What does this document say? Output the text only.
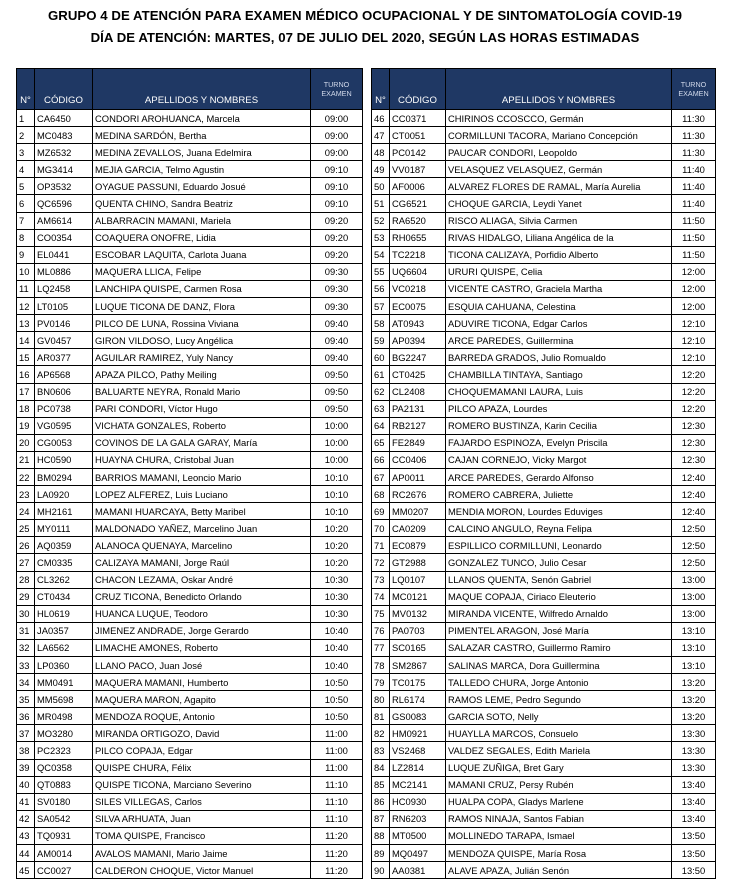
GRUPO 4 DE ATENCIÓN PARA EXAMEN MÉDICO OCUPACIONAL Y DE SINTOMATOLOGÍA COVID-19
DÍA DE ATENCIÓN: MARTES, 07 DE JULIO DEL 2020, SEGÚN LAS HORAS ESTIMADAS
N°	CÓDIGO	APELLIDOS Y NOMBRES	TURNO
EXAMEN
1	CA6450	CONDORI AROHUANCA, Marcela	09:00
2	MC0483	MEDINA SARDÓN, Bertha	09:00
3	MZ6532	MEDINA ZEVALLOS, Juana Edelmira	09:00
4	MG3414	MEJIA GARCIA, Telmo Agustin	09:10
5	OP3532	OYAGUE PASSUNI, Eduardo Josué	09:10
6	QC6596	QUENTA CHINO, Sandra Beatriz	09:10
7	AM6614	ALBARRACIN MAMANI, Mariela	09:20
8	CO0354	COAQUERA ONOFRE, Lidia	09:20
9	EL0441	ESCOBAR LAQUITA, Carlota Juana	09:20
10	ML0886	MAQUERA LLICA, Felipe	09:30
11	LQ2458	LANCHIPA QUISPE, Carmen Rosa	09:30
12	LT0105	LUQUE TICONA DE DANZ, Flora	09:30
13	PV0146	PILCO DE LUNA, Rossina Viviana	09:40
14	GV0457	GIRON VILDOSO, Lucy Angélica	09:40
15	AR0377	AGUILAR RAMIREZ, Yuly Nancy	09:40
16	AP6568	APAZA PILCO, Pathy Meiling	09:50
17	BN0606	BALUARTE NEYRA, Ronald Mario	09:50
18	PC0738	PARI CONDORI, Víctor Hugo	09:50
19	VG0595	VICHATA GONZALES, Roberto	10:00
20	CG0053	COVINOS DE LA GALA GARAY, María	10:00
21	HC0590	HUAYNA CHURA, Cristobal Juan	10:00
22	BM0294	BARRIOS MAMANI, Leoncio Mario	10:10
23	LA0920	LOPEZ ALFEREZ, Luis Luciano	10:10
24	MH2161	MAMANI HUARCAYA, Betty Maribel	10:10
25	MY0111	MALDONADO YAÑEZ, Marcelino Juan	10:20
26	AQ0359	ALANOCA QUENAYA, Marcelino	10:20
27	CM0335	CALIZAYA MAMANI, Jorge Raúl	10:20
28	CL3262	CHACON LEZAMA, Oskar André	10:30
29	CT0434	CRUZ TICONA, Benedicto Orlando	10:30
30	HL0619	HUANCA LUQUE, Teodoro	10:30
31	JA0357	JIMENEZ ANDRADE, Jorge Gerardo	10:40
32	LA6562	LIMACHE AMONES, Roberto	10:40
33	LP0360	LLANO PACO, Juan José	10:40
34	MM0491	MAQUERA MAMANI, Humberto	10:50
35	MM5698	MAQUERA MARON, Agapito	10:50
36	MR0498	MENDOZA ROQUE, Antonio	10:50
37	MO3280	MIRANDA ORTIGOZO, David	11:00
38	PC2323	PILCO COPAJA, Edgar	11:00
39	QC0358	QUISPE CHURA, Félix	11:00
40	QT0883	QUISPE TICONA, Marciano Severino	11:10
41	SV0180	SILES VILLEGAS, Carlos	11:10
42	SA0542	SILVA ARHUATA, Juan	11:10
43	TQ0931	TOMA QUISPE, Francisco	11:20
44	AM0014	AVALOS MAMANI, Mario Jaime	11:20
45	CC0027	CALDERON CHOQUE, Victor Manuel	11:20
N°	CÓDIGO	APELLIDOS Y NOMBRES	TURNO
EXAMEN
46	CC0371	CHIRINOS CCOSCCO, Germán	11:30
47	CT0051	CORMILLUNI TACORA, Mariano Concepción	11:30
48	PC0142	PAUCAR CONDORI, Leopoldo	11:30
49	VV0187	VELASQUEZ VELASQUEZ, Germán	11:40
50	AF0006	ALVAREZ FLORES DE RAMAL, María Aurelia	11:40
51	CG6521	CHOQUE GARCIA, Leydi Yanet	11:40
52	RA6520	RISCO ALIAGA, Silvia Carmen	11:50
53	RH0655	RIVAS HIDALGO, Liliana Angélica de la	11:50
54	TC2218	TICONA CALIZAYA, Porfidio Alberto	11:50
55	UQ6604	URURI QUISPE, Celia	12:00
56	VC0218	VICENTE CASTRO, Graciela Martha	12:00
57	EC0075	ESQUIA CAHUANA, Celestina	12:00
58	AT0943	ADUVIRE TICONA, Edgar Carlos	12:10
59	AP0394	ARCE PAREDES, Guillermina	12:10
60	BG2247	BARREDA GRADOS, Julio Romualdo	12:10
61	CT0425	CHAMBILLA TINTAYA, Santiago	12:20
62	CL2408	CHOQUEMAMANI LAURA, Luis	12:20
63	PA2131	PILCO APAZA, Lourdes	12:20
64	RB2127	ROMERO BUSTINZA, Karin Cecilia	12:30
65	FE2849	FAJARDO ESPINOZA, Evelyn Priscila	12:30
66	CC0406	CAJAN CORNEJO, Vicky Margot	12:30
67	AP0011	ARCE PAREDES, Gerardo Alfonso	12:40
68	RC2676	ROMERO CABRERA, Juliette	12:40
69	MM0207	MENDIA MORON, Lourdes Eduviges	12:40
70	CA0209	CALCINO ANGULO, Reyna Felipa	12:50
71	EC0879	ESPILLICO CORMILLUNI, Leonardo	12:50
72	GT2988	GONZALEZ TUNCO, Julio Cesar	12:50
73	LQ0107	LLANOS QUENTA, Senón Gabriel	13:00
74	MC0121	MAQUE COPAJA, Ciriaco Eleuterio	13:00
75	MV0132	MIRANDA VICENTE, Wilfredo Arnaldo	13:00
76	PA0703	PIMENTEL ARAGON, José María	13:10
77	SC0165	SALAZAR CASTRO, Guillermo Ramiro	13:10
78	SM2867	SALINAS MARCA, Dora Guillermina	13:10
79	TC0175	TALLEDO CHURA, Jorge Antonio	13:20
80	RL6174	RAMOS LEME, Pedro Segundo	13:20
81	GS0083	GARCIA SOTO, Nelly	13:20
82	HM0921	HUAYLLA MARCOS, Consuelo	13:30
83	VS2468	VALDEZ SEGALES, Edith Mariela	13:30
84	LZ2814	LUQUE ZUÑIGA, Bret Gary	13:30
85	MC2141	MAMANI CRUZ, Persy Rubén	13:40
86	HC0930	HUALPA COPA, Gladys Marlene	13:40
87	RN6203	RAMOS NINAJA, Santos Fabian	13:40
88	MT0500	MOLLINEDO TARAPA, Ismael	13:50
89	MQ0497	MENDOZA QUISPE, María Rosa	13:50
90	AA0381	ALAVE APAZA, Julián Senón	13:50
